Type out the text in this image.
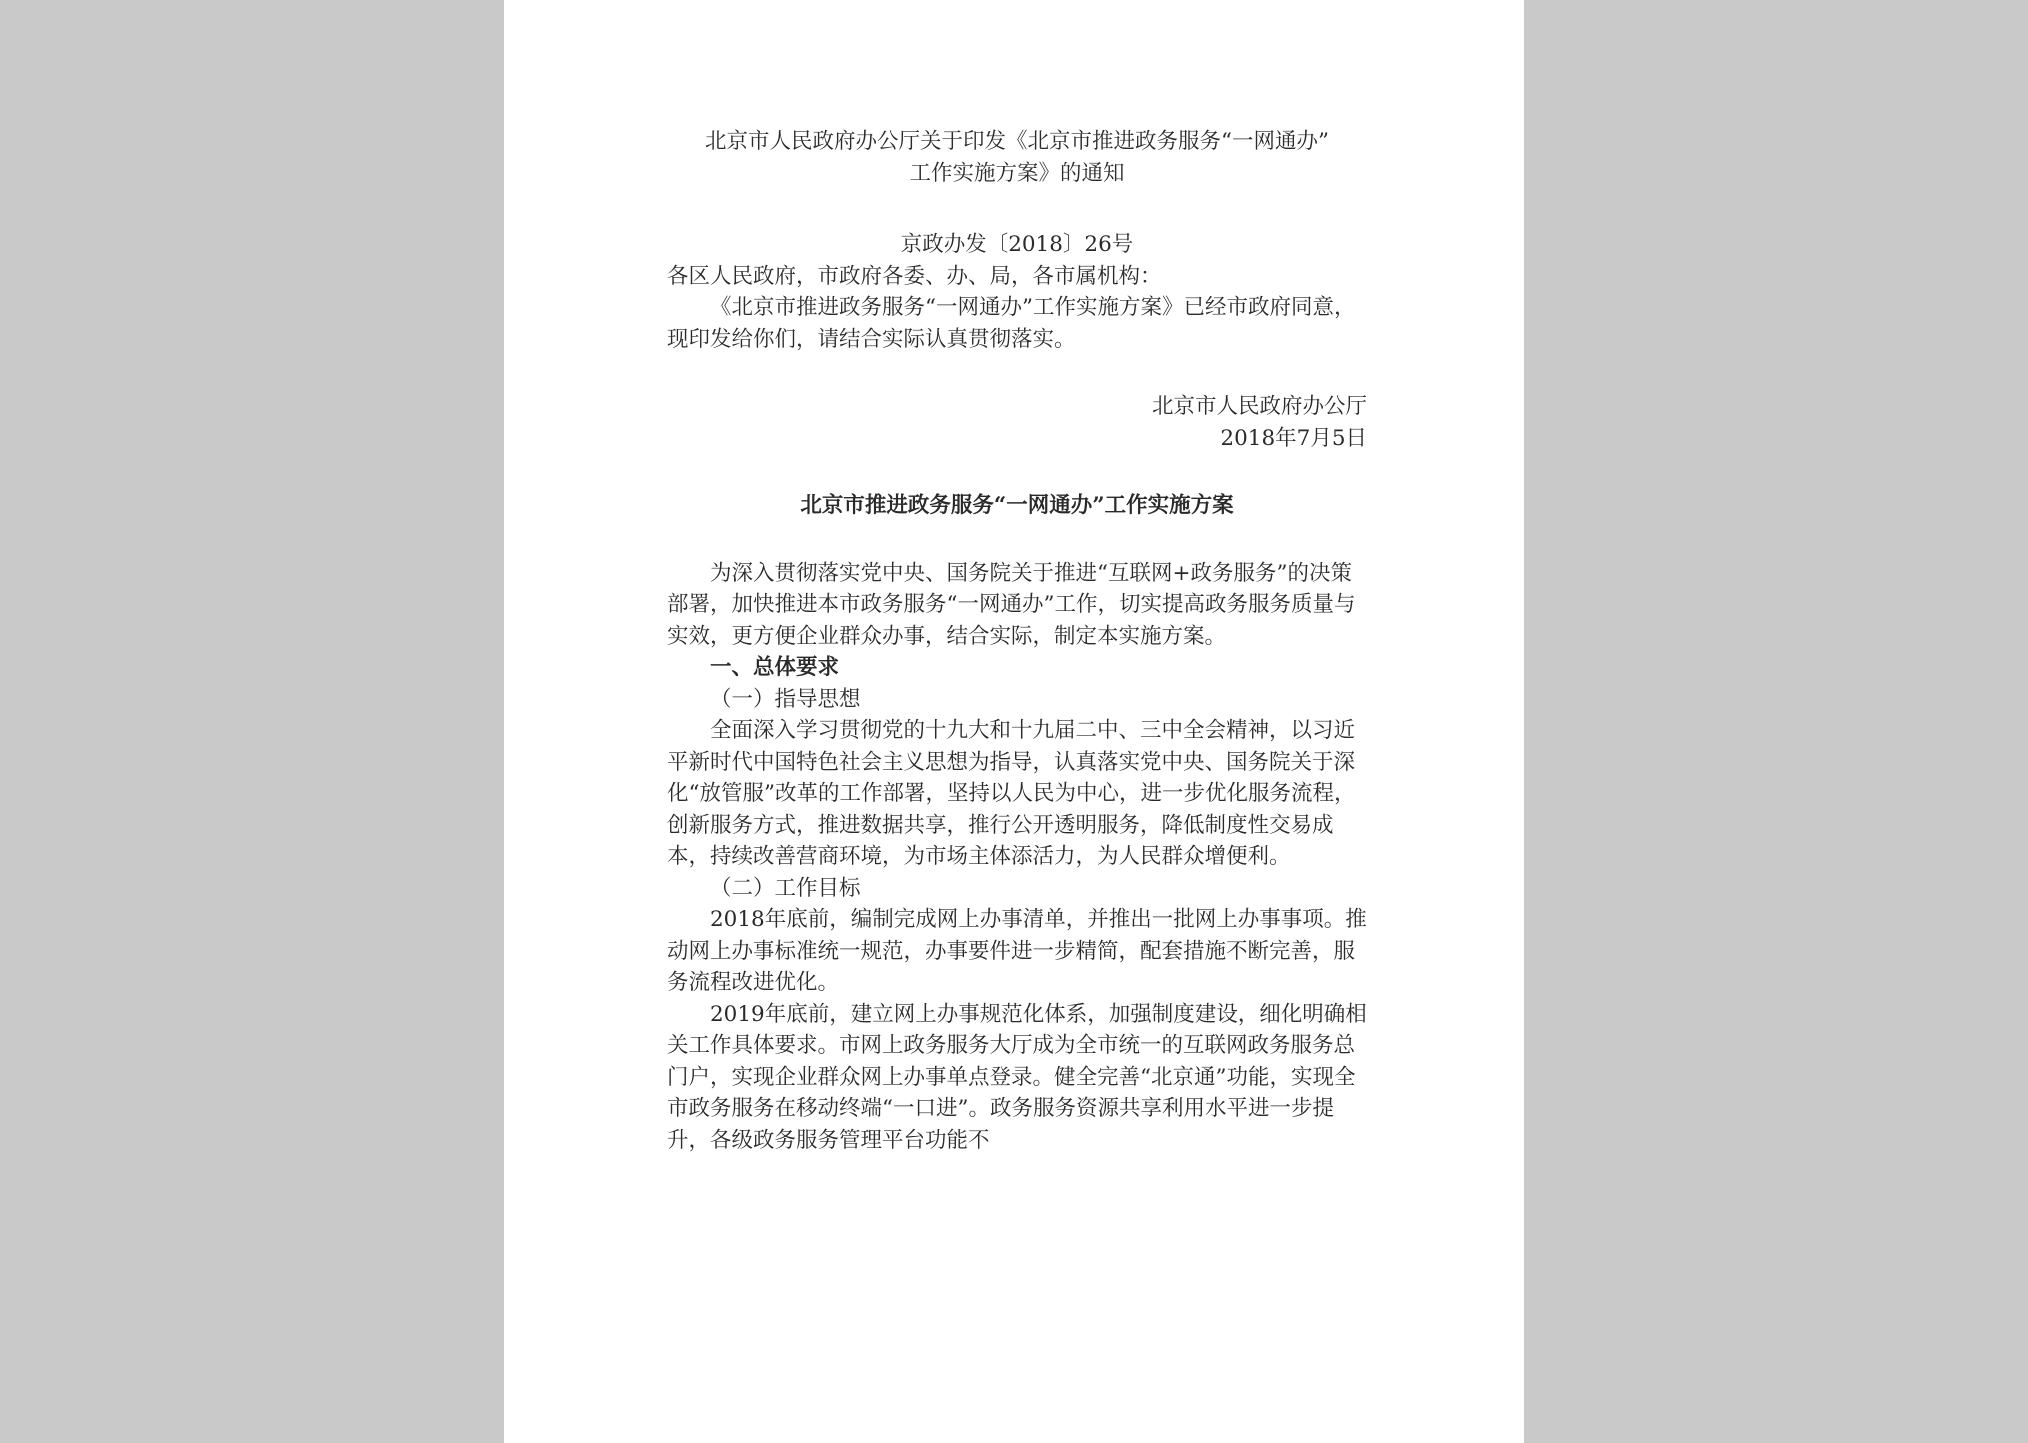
北京市人民政府办公厅关于印发《北京市推进政务服务“一网通办”

工作实施方案》的通知

京政办发〔2018〕26号

各区人民政府，市政府各委、办、局，各市属机构：

《北京市推进政务服务“一网通办”工作实施方案》已经市政府同意，现印发给你们，请结合实际认真贯彻落实。

北京市人民政府办公厅

2018年7月5日

北京市推进政务服务“一网通办”工作实施方案

为深入贯彻落实党中央、国务院关于推进“互联网+政务服务”的决策部署，加快推进本市政务服务“一网通办”工作，切实提高政务服务质量与实效，更方便企业群众办事，结合实际，制定本实施方案。

一、总体要求

（一）指导思想

全面深入学习贯彻党的十九大和十九届二中、三中全会精神，以习近平新时代中国特色社会主义思想为指导，认真落实党中央、国务院关于深化“放管服”改革的工作部署，坚持以人民为中心，进一步优化服务流程，创新服务方式，推进数据共享，推行公开透明服务，降低制度性交易成本，持续改善营商环境，为市场主体添活力，为人民群众增便利。

（二）工作目标

2018年底前，编制完成网上办事清单，并推出一批网上办事事项。推动网上办事标准统一规范，办事要件进一步精简，配套措施不断完善，服务流程改进优化。

2019年底前，建立网上办事规范化体系，加强制度建设，细化明确相关工作具体要求。市网上政务服务大厅成为全市统一的互联网政务服务总门户，实现企业群众网上办事单点登录。健全完善“北京通”功能，实现全市政务服务在移动终端“一口进”。政务服务资源共享利用水平进一步提升，各级政务服务管理平台功能不
